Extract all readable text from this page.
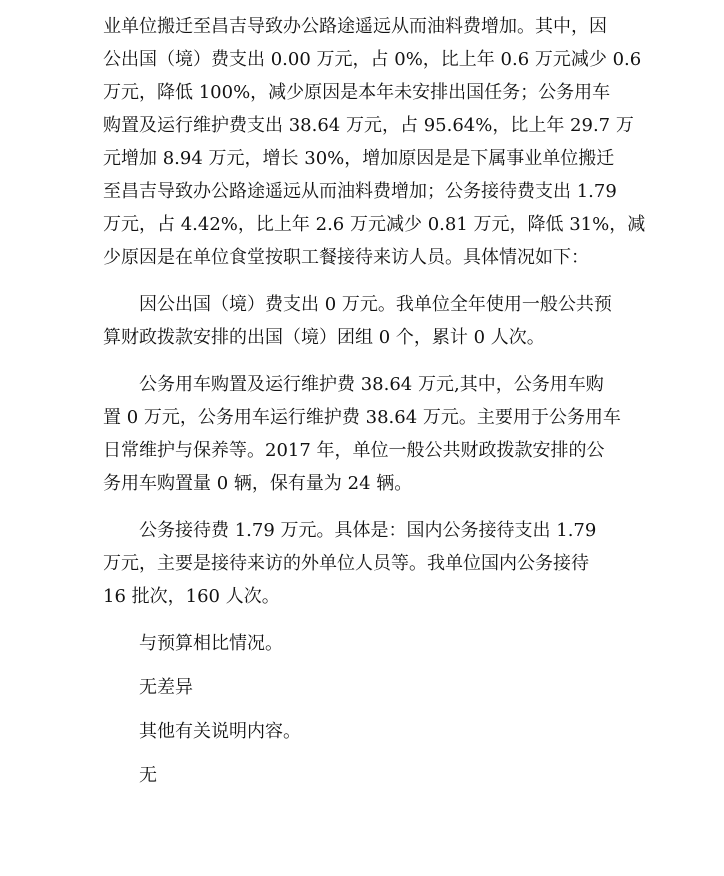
业单位搬迁至昌吉导致办公路途遥远从而油料费增加。其中，因
公出国（境）费支出 0.00 万元，占 0%，比上年 0.6 万元减少 0.6
万元，降低 100%，减少原因是本年未安排出国任务；公务用车
购置及运行维护费支出 38.64 万元，占 95.64%，比上年 29.7 万
元增加 8.94 万元，增长 30%，增加原因是是下属事业单位搬迁
至昌吉导致办公路途遥远从而油料费增加；公务接待费支出 1.79
万元，占 4.42%，比上年 2.6 万元减少 0.81 万元，降低 31%，减
少原因是在单位食堂按职工餐接待来访人员。具体情况如下：
因公出国（境）费支出 0 万元。我单位全年使用一般公共预
算财政拨款安排的出国（境）团组 0 个，累计 0 人次。
公务用车购置及运行维护费 38.64 万元,其中，公务用车购
置 0 万元，公务用车运行维护费 38.64 万元。主要用于公务用车
日常维护与保养等。2017 年，单位一般公共财政拨款安排的公
务用车购置量 0 辆，保有量为 24 辆。
公务接待费 1.79 万元。具体是：国内公务接待支出 1.79
万元，主要是接待来访的外单位人员等。我单位国内公务接待
16 批次，160 人次。
与预算相比情况。
无差异
其他有关说明内容。
无
